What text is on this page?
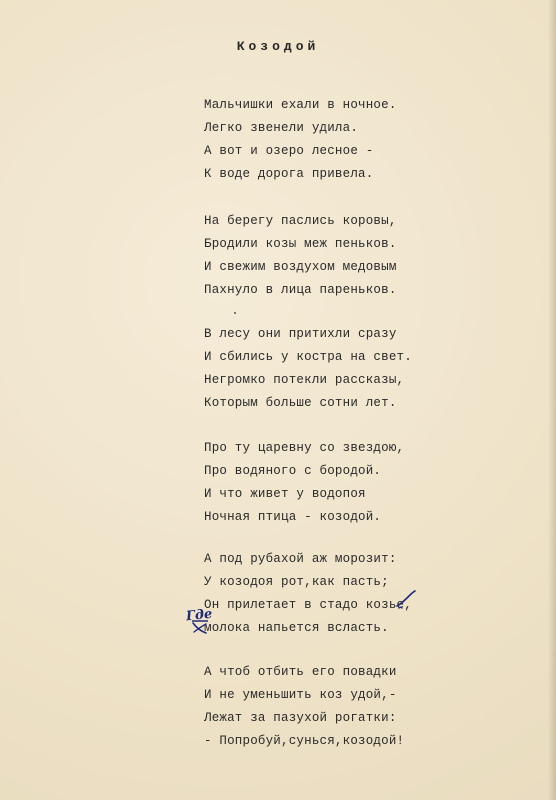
Козодой
Мальчишки ехали в ночное.
Легко звенели удила.
А вот и озеро лесное -
К воде дорога привела.
На берегу паслись коровы,
Бродили козы меж пеньков.
И свежим воздухом медовым
Пахнуло в лица пареньков.
В лесу они притихли сразу
И сбились у костра на свет.
Негромко потекли рассказы,
Которым больше сотни лет.
Про ту царевну со звездою,
Про водяного с бородой.
И что живет у водопоя
Ночная птица - козодой.
А под рубахой аж морозит:
У козодоя рот,как пасть;
Он прилетает в стадо козье,
молока напьется всласть.
Где
А чтоб отбить его повадки
И не уменьшить коз удой,-
Лежат за пазухой рогатки:
- Попробуй,сунься,козодой!
